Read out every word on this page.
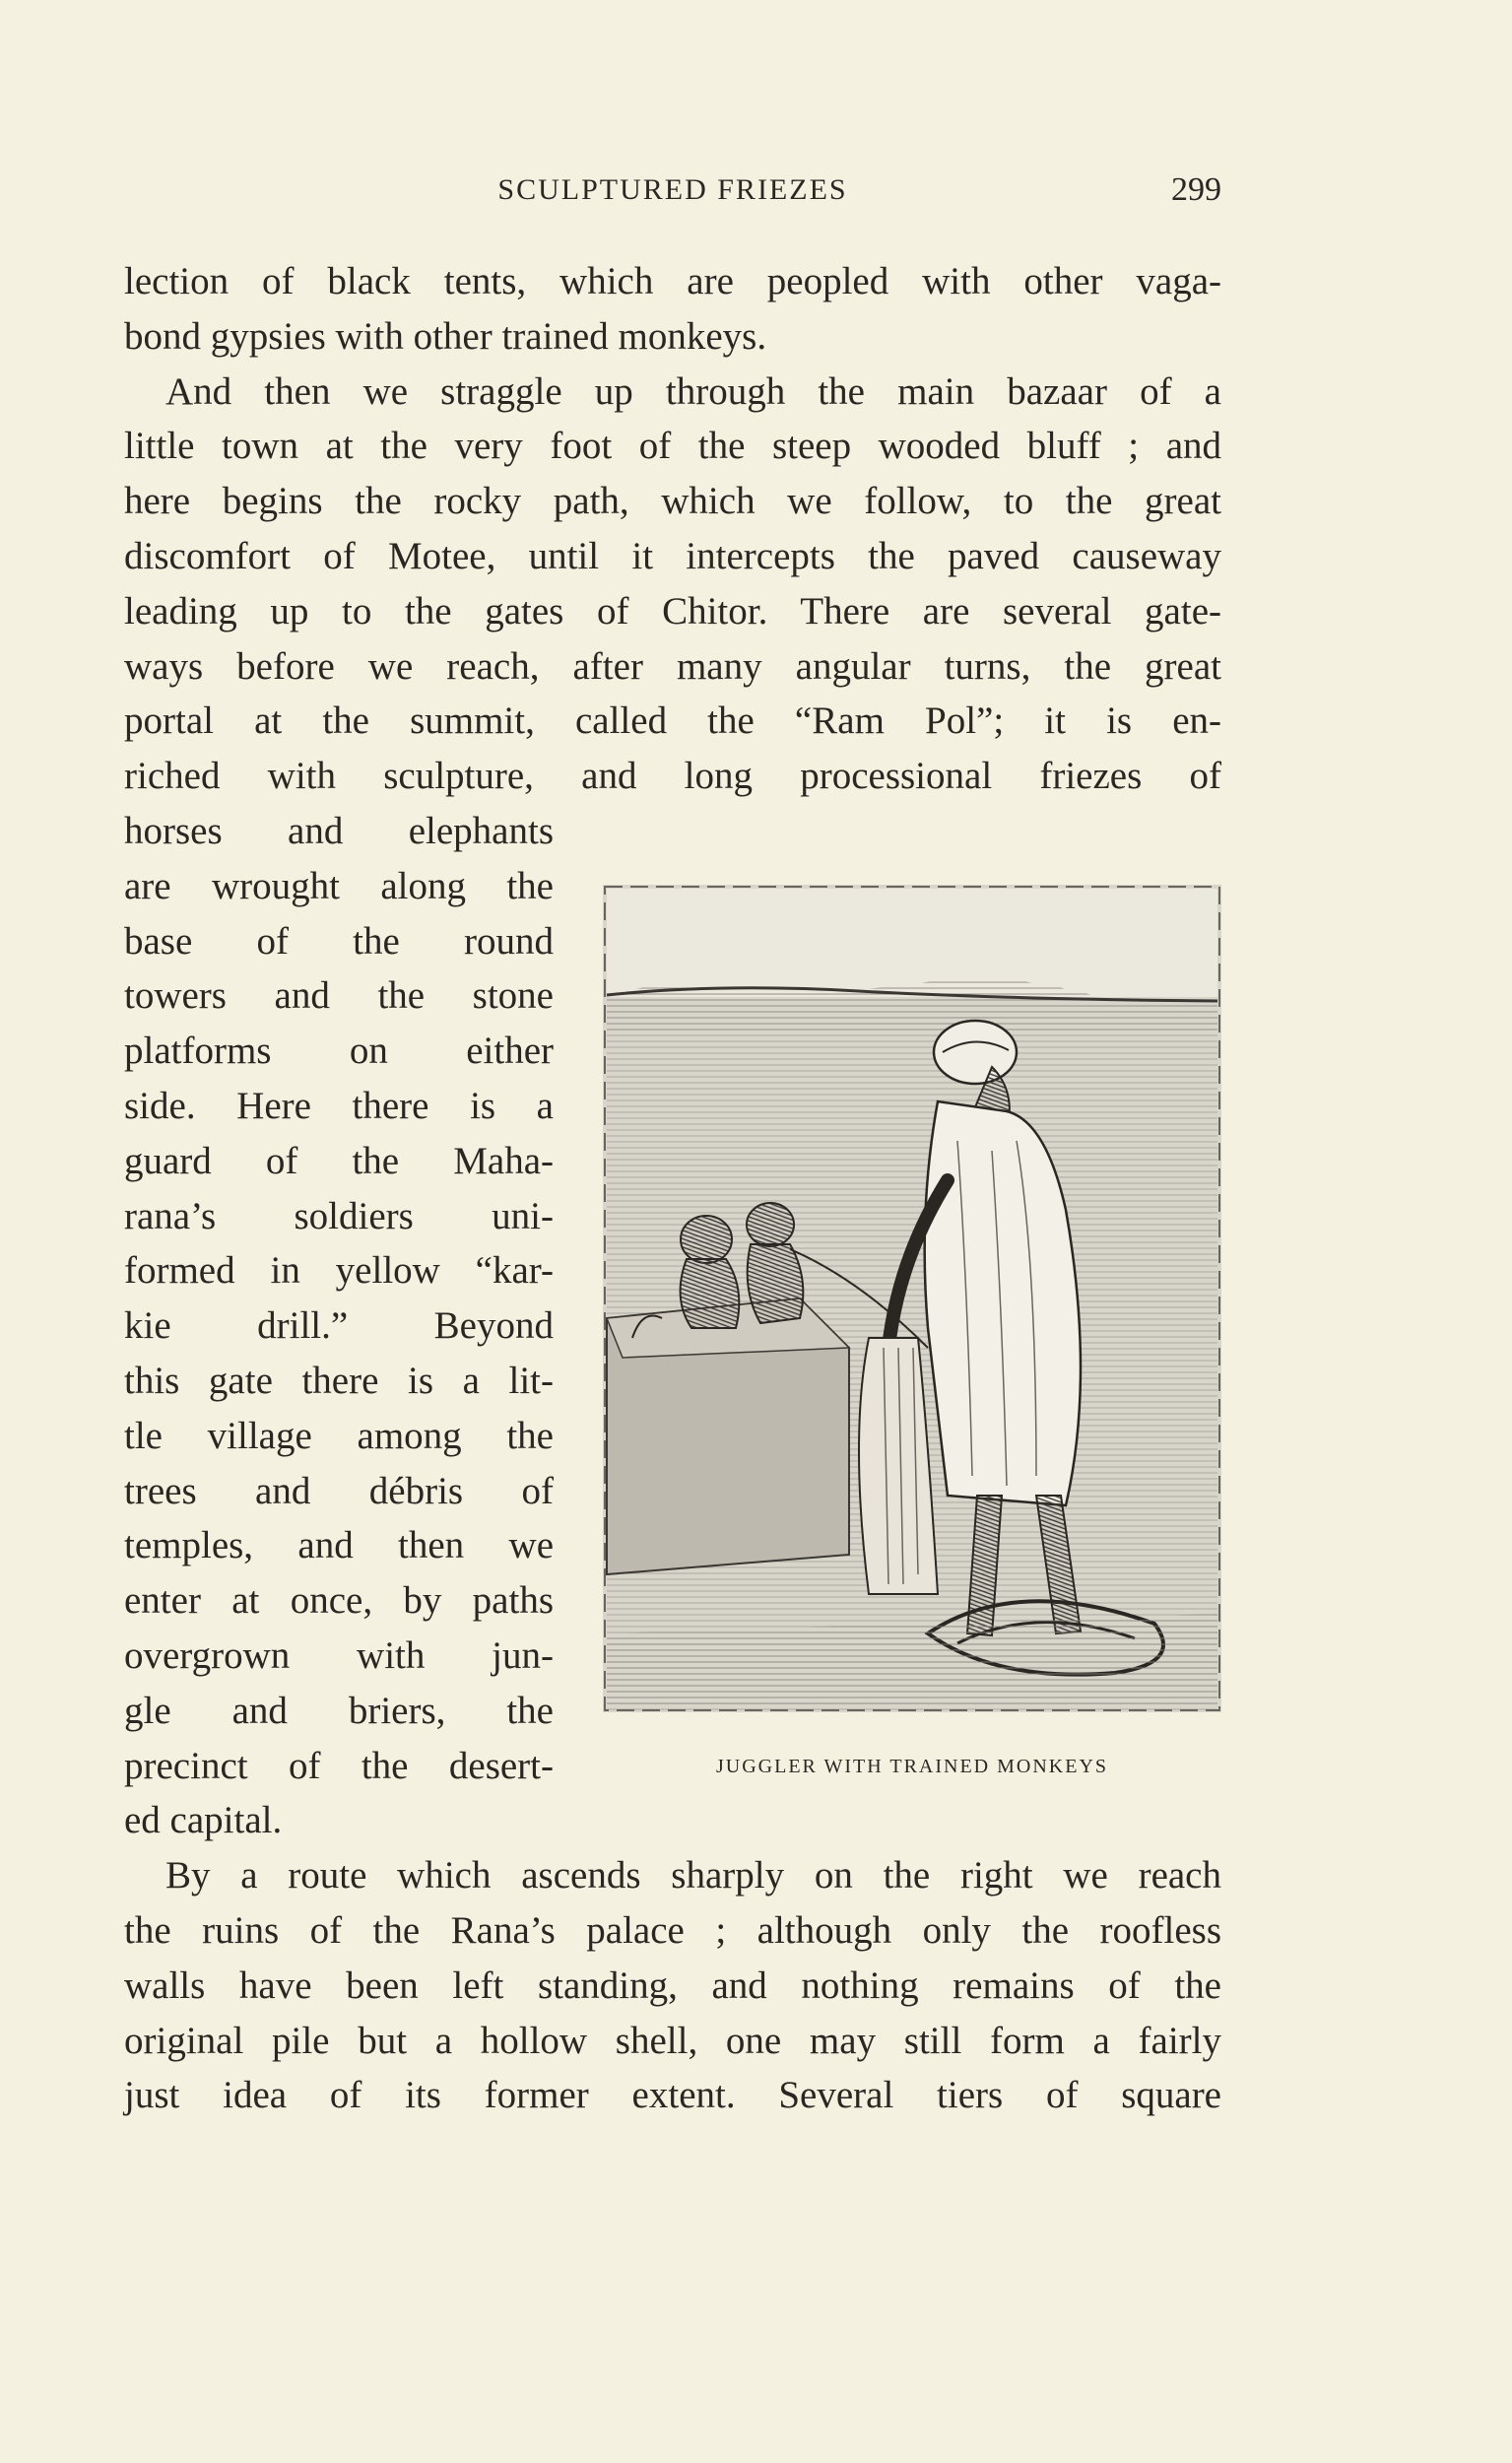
SCULPTURED FRIEZES	299
lection of black tents, which are peopled with other vaga-
bond gypsies with other trained monkeys.
And then we straggle up through the main bazaar of a
little town at the very foot of the steep wooded bluff ; and
here begins the rocky path, which we follow, to the great
discomfort of Motee, until it intercepts the paved causeway
leading up to the gates of Chitor. There are several gate-
ways before we reach, after many angular turns, the great
portal at the summit, called the “Ram Pol”; it is en-
riched with sculpture, and long processional friezes of
horses and elephants
are wrought along the
base of the round
towers and the stone
platforms on either
side. Here there is a
guard of the Maha-
rana’s soldiers uni-
formed in yellow “kar-
kie drill.” Beyond
this gate there is a lit-
tle village among the
trees and débris of
temples, and then we
enter at once, by paths
overgrown with jun-
gle and briers, the
precinct of the desert-
ed capital.
By a route which ascends sharply on the right we reach
the ruins of the Rana’s palace ; although only the roofless
walls have been left standing, and nothing remains of the
original pile but a hollow shell, one may still form a fairly
just idea of its former extent. Several tiers of square
JUGGLER WITH TRAINED MONKEYS
